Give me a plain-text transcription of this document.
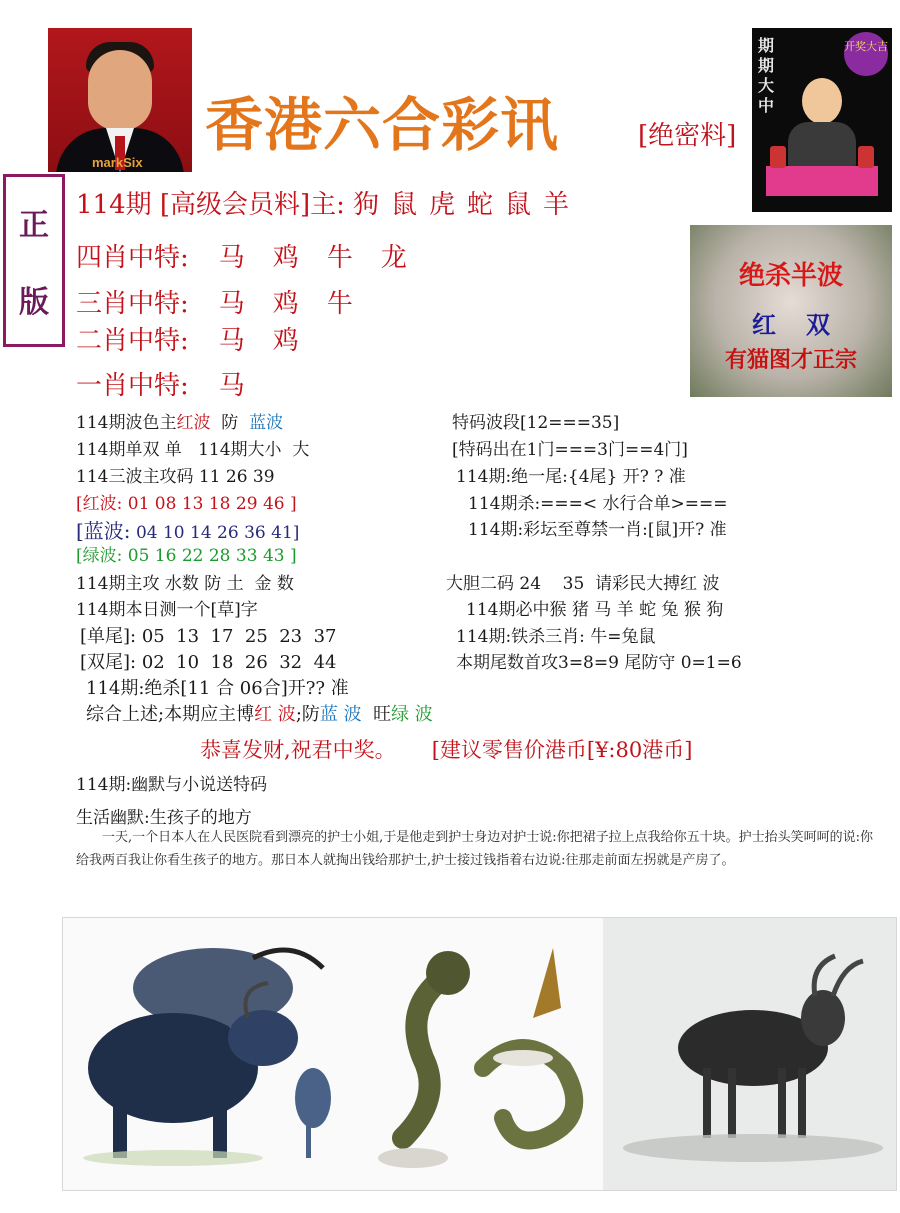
markSix
香港六合彩讯	[绝密料]
期期大中
开奖大吉
正
版
114期 [高级会员料]主: 狗鼠虎蛇鼠羊
四肖中特: 马鸡牛龙
三肖中特: 马鸡牛
二肖中特: 马鸡
一肖中特: 马
绝杀半波
红双
有猫图才正宗
114期波色主红波  防  蓝波
114期单双 单   114期大小  大
114三波主攻码 11 26 39
[红波: 01 08 13 18 29 46 ]
[蓝波: 04 10 14 26 36 41]
[绿波: 05 16 22 28 33 43 ]
114期主攻 水数 防 土  金 数
114期本日测一个[草]字
[单尾]: 05  13  17  25  23  37
[双尾]: 02  10  18  26  32  44
114期:绝杀[11 合 06合]开?? 准
综合上述;本期应主博红 波;防蓝 波  旺绿 波
特码波段[12===35]
[特码出在1门===3门==4门]
114期:绝一尾:{4尾} 开? ? 准
114期杀:===< 水行合单>===
114期:彩坛至尊禁一肖:[鼠]开? 准
大胆二码 24    35  请彩民大搏红 波
114期必中猴 猪 马 羊 蛇 兔 猴 狗
114期:铁杀三肖: 牛=兔鼠
本期尾数首攻3=8=9 尾防守 0=1=6
恭喜发财,祝君中奖。 [建议零售价港币[¥:80港币]
114期:幽默与小说送特码
生活幽默:生孩子的地方
一天,一个日本人在人民医院看到漂亮的护士小姐,于是他走到护士身边对护士说:你把裙子拉上点我给你五十块。护士抬头笑呵呵的说:你给我两百我让你看生孩子的地方。那日本人就掏出钱给那护士,护士接过钱指着右边说:往那走前面左拐就是产房了。
